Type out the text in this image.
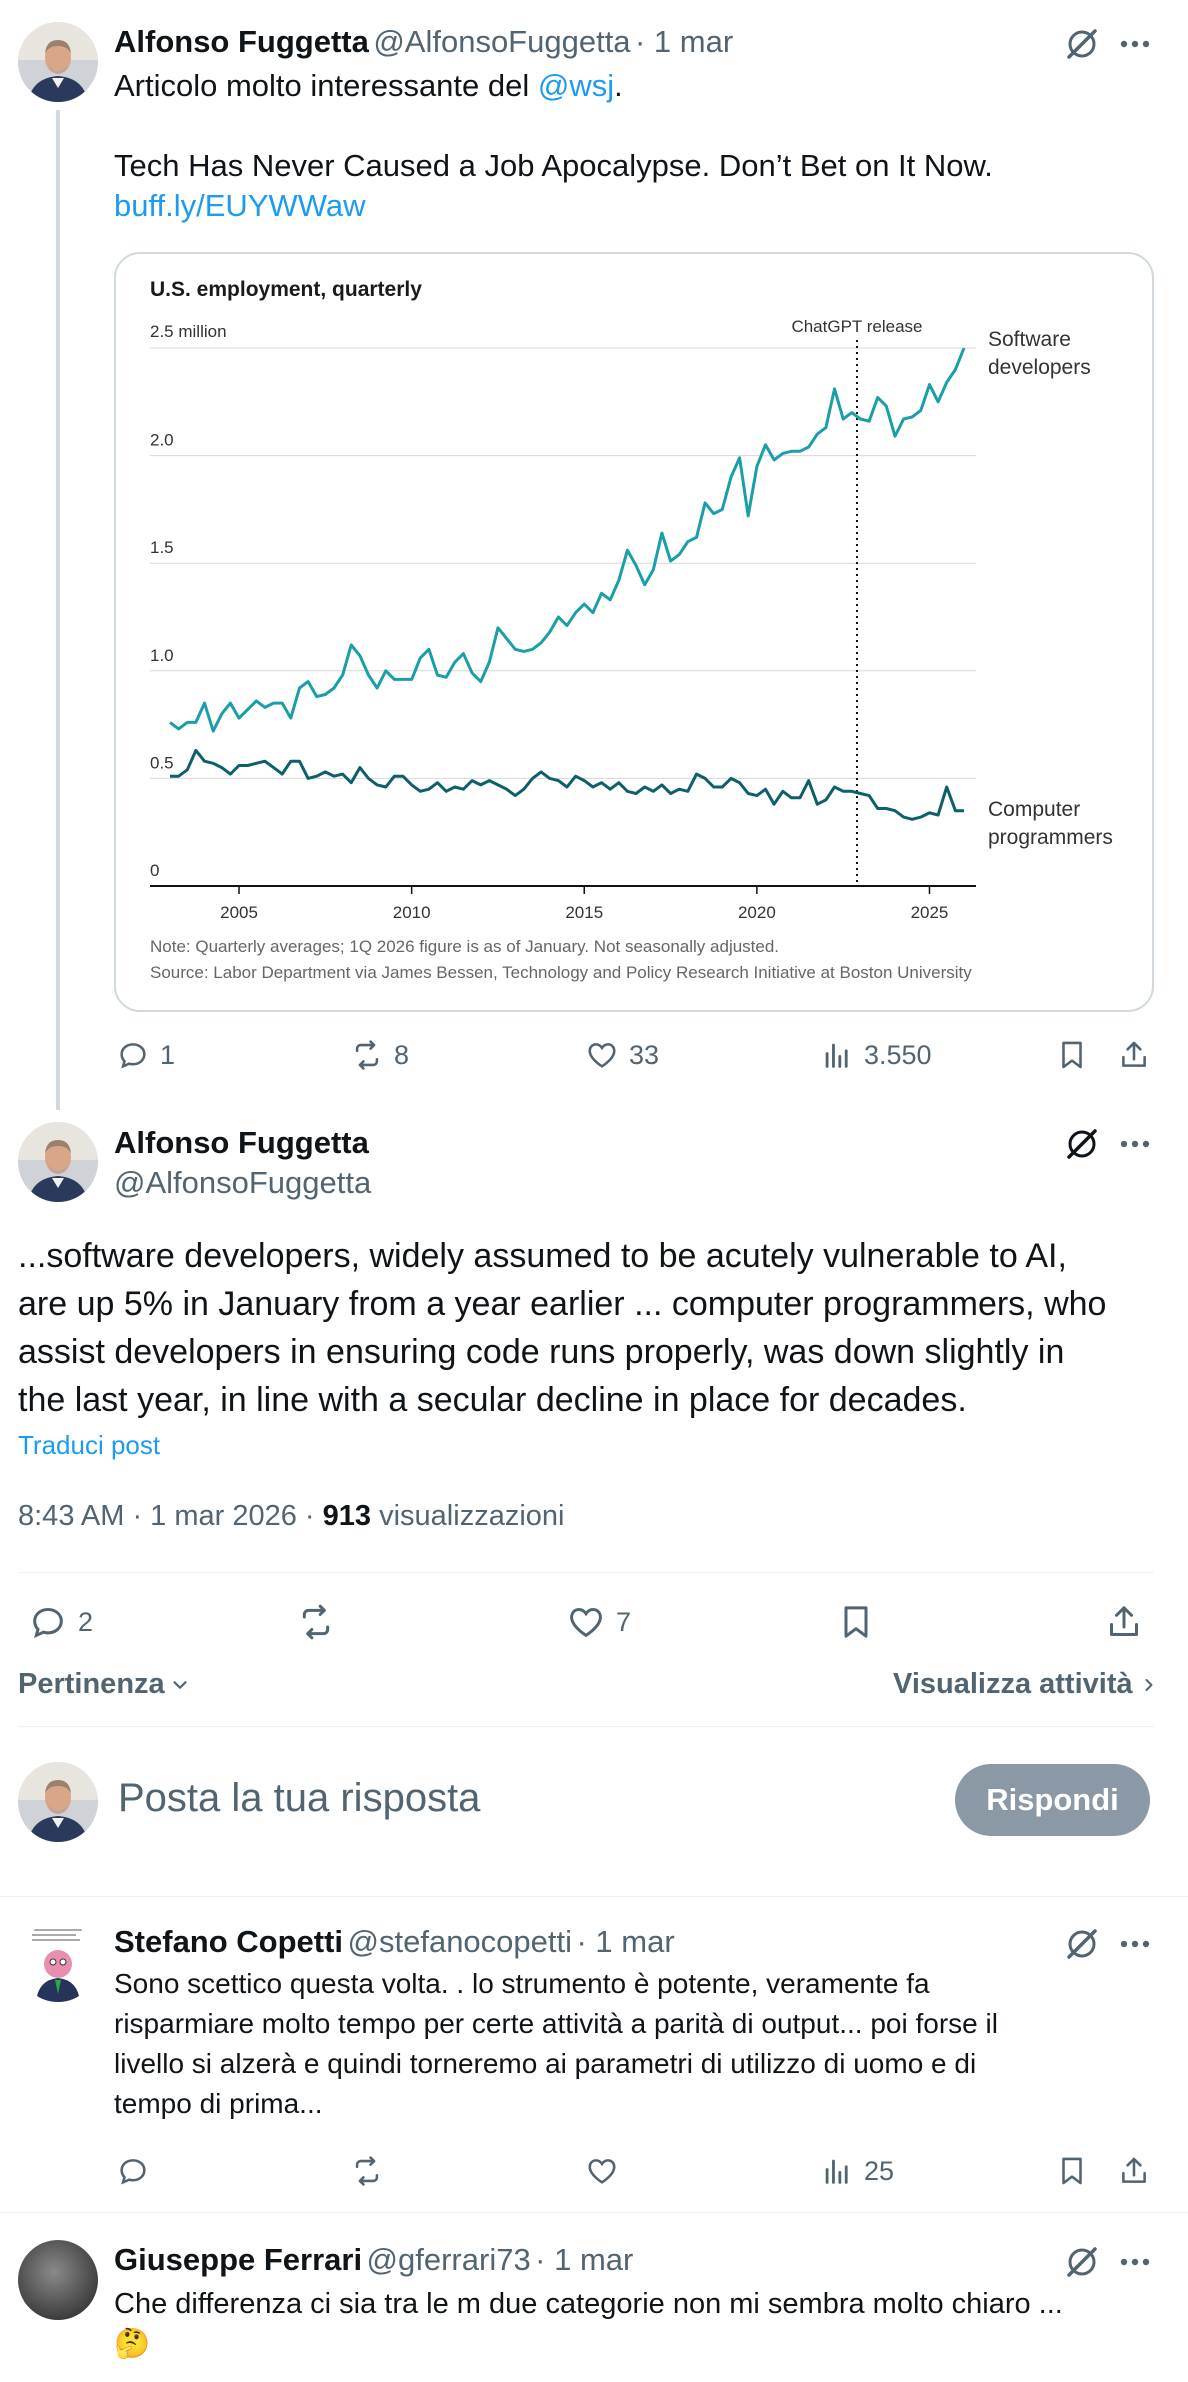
Alfonso Fuggetta @AlfonsoFuggetta · 1 mar
Articolo molto interessante del @wsj.
Tech Has Never Caused a Job Apocalypse. Don’t Bet on It Now.
buff.ly/EUYWWaw
U.S. employment, quarterly
2.5 million
2.0
1.5
1.0
0.5
0
2005	2010	2015	2020	2025
ChatGPT release
Software
developers
Computer
programmers
Note: Quarterly averages; 1Q 2026 figure is as of January. Not seasonally adjusted.
Source: Labor Department via James Bessen, Technology and Policy Research Initiative at Boston University
1	8	33	3.550
Alfonso Fuggetta
@AlfonsoFuggetta
...software developers, widely assumed to be acutely vulnerable to AI,
are up 5% in January from a year earlier ... computer programmers, who
assist developers in ensuring code runs properly, was down slightly in
the last year, in line with a secular decline in place for decades.
Traduci post
8:43 AM · 1 mar 2026 · 913 visualizzazioni
2	7
Pertinenza	Visualizza attività
Posta la tua risposta	Rispondi
Stefano Copetti @stefanocopetti · 1 mar
Sono scettico questa volta. . lo strumento è potente, veramente fa
risparmiare molto tempo per certe attività a parità di output... poi forse il
livello si alzerà e quindi torneremo ai parametri di utilizzo di uomo e di
tempo di prima...
25
Giuseppe Ferrari @gferrari73 · 1 mar
Che differenza ci sia tra le m due categorie non mi sembra molto chiaro ...
🤔
